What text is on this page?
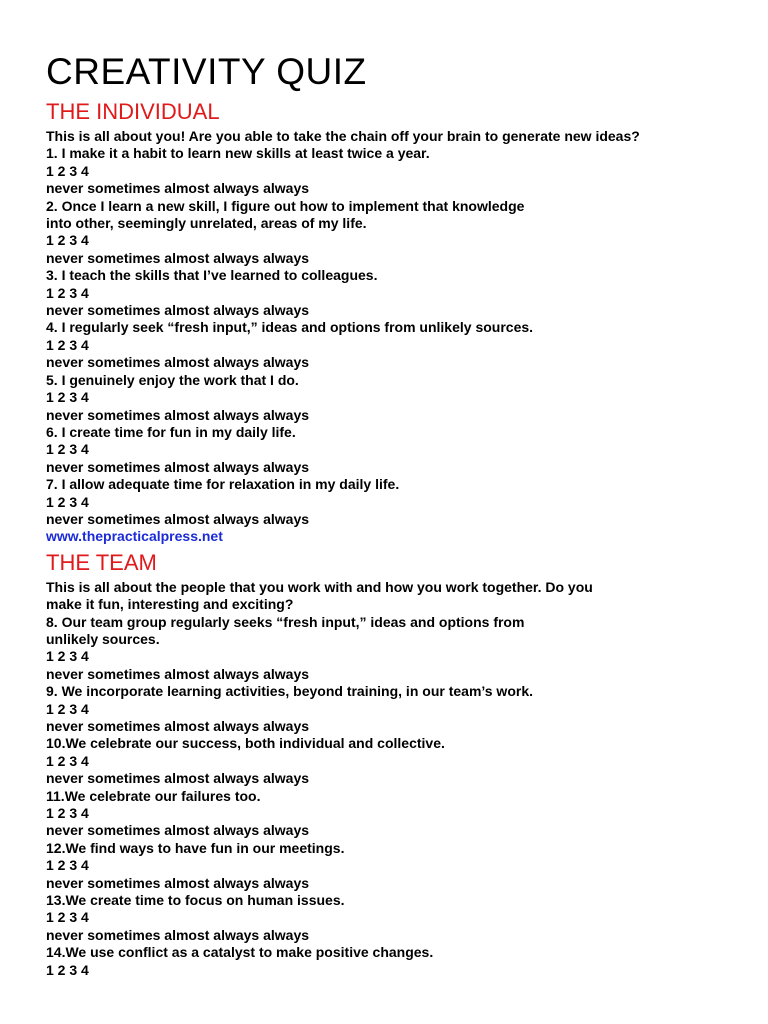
CREATIVITY QUIZ
THE INDIVIDUAL
This is all about you! Are you able to take the chain off your brain to generate new ideas?
1. I make it a habit to learn new skills at least twice a year.
1 2 3 4
never sometimes almost always always
2. Once I learn a new skill, I figure out how to implement that knowledge
into other, seemingly unrelated, areas of my life.
1 2 3 4
never sometimes almost always always
3. I teach the skills that I’ve learned to colleagues.
1 2 3 4
never sometimes almost always always
4. I regularly seek “fresh input,” ideas and options from unlikely sources.
1 2 3 4
never sometimes almost always always
5. I genuinely enjoy the work that I do.
1 2 3 4
never sometimes almost always always
6. I create time for fun in my daily life.
1 2 3 4
never sometimes almost always always
7. I allow adequate time for relaxation in my daily life.
1 2 3 4
never sometimes almost always always
www.thepracticalpress.net
THE TEAM
This is all about the people that you work with and how you work together. Do you
make it fun, interesting and exciting?
8. Our team group regularly seeks “fresh input,” ideas and options from
unlikely sources.
1 2 3 4
never sometimes almost always always
9. We incorporate learning activities, beyond training, in our team’s work.
1 2 3 4
never sometimes almost always always
10.We celebrate our success, both individual and collective.
1 2 3 4
never sometimes almost always always
11.We celebrate our failures too.
1 2 3 4
never sometimes almost always always
12.We find ways to have fun in our meetings.
1 2 3 4
never sometimes almost always always
13.We create time to focus on human issues.
1 2 3 4
never sometimes almost always always
14.We use conflict as a catalyst to make positive changes.
1 2 3 4
